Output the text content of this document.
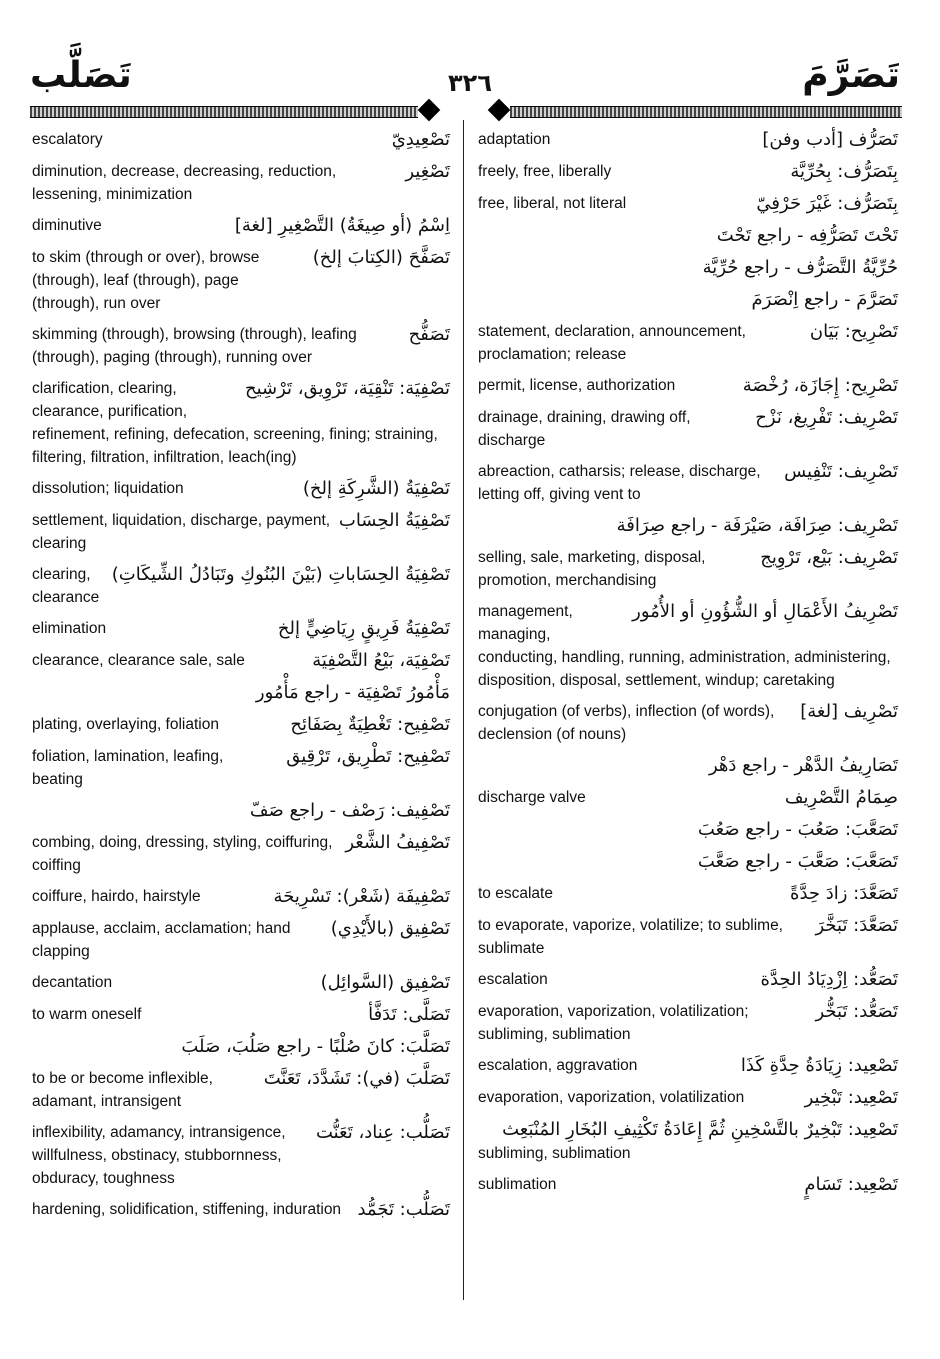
تَصَلَّب	٣٢٦	تَصَرَّمَ
تَصْعِيدِيّ
escalatory
تَصْغِير
diminution, decrease, decreasing, reduction, lessening, minimization
اِسْمُ (أو صِيغَةُ) التَّصْغِيرِ [لغة]
diminutive
تَصَفَّحَ (الكِتابَ إلخ)
to skim (through or over), browse (through), leaf (through), page (through), run over
تَصَفُّح
skimming (through), browsing (through), leafing (through), paging (through), running over
تَصْفِيَة: تَنْقِيَة، تَرْوِيق، تَرْشِيح
clarification, clearing, clearance, purification, refinement, refining, defecation, screening, fining; straining, filtering, filtration, infiltration, leach(ing)
تَصْفِيَةُ (الشَّرِكَةِ إلخ)
dissolution; liquidation
تَصْفِيَةُ الحِسَاب
settlement, liquidation, discharge, payment, clearing
تَصْفِيَةُ الحِسَاباتِ (بَيْنَ البُنُوكِ وتَبَادُلُ الشِّيكَاتِ)
clearing, clearance
تَصْفِيَةُ فَرِيقٍ رِيَاضِيٍّ إلخ
elimination
تَصْفِيَة، بَيْعُ التَّصْفِيَة
clearance, clearance sale, sale
مَأْمُورُ تَصْفِيَة - راجع مَأْمُور
تَصْفِيح: تَغْطِيَةٌ بِصَفَائِح
plating, overlaying, foliation
تَصْفِيح: تَطْرِيق، تَرْقِيق
foliation, lamination, leafing, beating
تَصْفِيف: رَصْف - راجع صَفّ
تَصْفِيفُ الشَّعْر
combing, doing, dressing, styling, coiffuring, coiffing
تَصْفِيفَة (شَعْر): تَسْرِيحَة
coiffure, hairdo, hairstyle
تَصْفِيق (بالأَيْدِي)
applause, acclaim, acclamation; hand clapping
تَصْفِيق (السَّوائِل)
decantation
تَصَلَّى: تَدَفَّأ
to warm oneself
تَصَلَّبَ: كانَ صُلْبًا - راجع صَلُبَ، صَلَبَ
تَصَلَّبَ (في): تَشَدَّدَ، تَعَنَّتَ
to be or become inflexible, adamant, intransigent
تَصَلُّب: عِناد، تَعَنُّت
inflexibility, adamancy, intransigence, willfulness, obstinacy, stubbornness, obduracy, toughness
تَصَلُّب: تَجَمُّد
hardening, solidification, stiffening, induration
تَصَرُّف [أدب وفن]
adaptation
بِتَصَرُّف: بِحُرِّيَّة
freely, free, liberally
بِتَصَرُّف: غَيْرَ حَرْفِيّ
free, liberal, not literal
تَحْتَ تَصَرُّفِه - راجع تَحْتَ
حُرِّيَّةُ التَّصَرُّف - راجع حُرِّيَّة
تَصَرَّمَ - راجع اِنْصَرَمَ
تَصْرِيح: بَيَان
statement, declaration, announcement, proclamation; release
تَصْرِيح: إِجَازَة، رُخْصَة
permit, license, authorization
تَصْرِيف: تَفْرِيغ، نَزْح
drainage, draining, drawing off, discharge
تَصْرِيف: تَنْفِيس
abreaction, catharsis; release, discharge, letting off, giving vent to
تَصْرِيف: صِرَافَة، صَيْرَفَة - راجع صِرَافَة
تَصْرِيف: بَيْع، تَرْوِيج
selling, sale, marketing, disposal, promotion, merchandising
تَصْرِيفُ الأَعْمَالِ أو الشُّؤُونِ أو الأُمُور
management, managing, conducting, handling, running, administration, administering, disposition, disposal, settlement, windup; caretaking
تَصْرِيف [لغة]
conjugation (of verbs), inflection (of words), declension (of nouns)
تَصَارِيفُ الدَّهْر - راجع دَهْر
صِمَامُ التَّصْرِيف
discharge valve
تَصَعَّبَ: صَعُبَ - راجع صَعُبَ
تَصَعَّبَ: صَعَّبَ - راجع صَعَّبَ
تَصَعَّدَ: زادَ حِدَّةً
to escalate
تَصَعَّدَ: تَبَخَّرَ
to evaporate, vaporize, volatilize; to sublime, sublimate
تَصَعُّد: اِزْدِيَادُ الحِدَّة
escalation
تَصَعُّد: تَبَخُّر
evaporation, vaporization, volatilization; subliming, sublimation
تَصْعِيد: زِيَادَةُ حِدَّةِ كَذَا
escalation, aggravation
تَصْعِيد: تَبْخِير
evaporation, vaporization, volatilization
تَصْعِيد: تَبْخِيرٌ بالتَّسْخِينِ ثُمَّ إِعَادَةُ تَكْثِيفِ البُخَارِ المُنْبَعِث
subliming, sublimation
تَصْعِيد: تَسَامٍ
sublimation
